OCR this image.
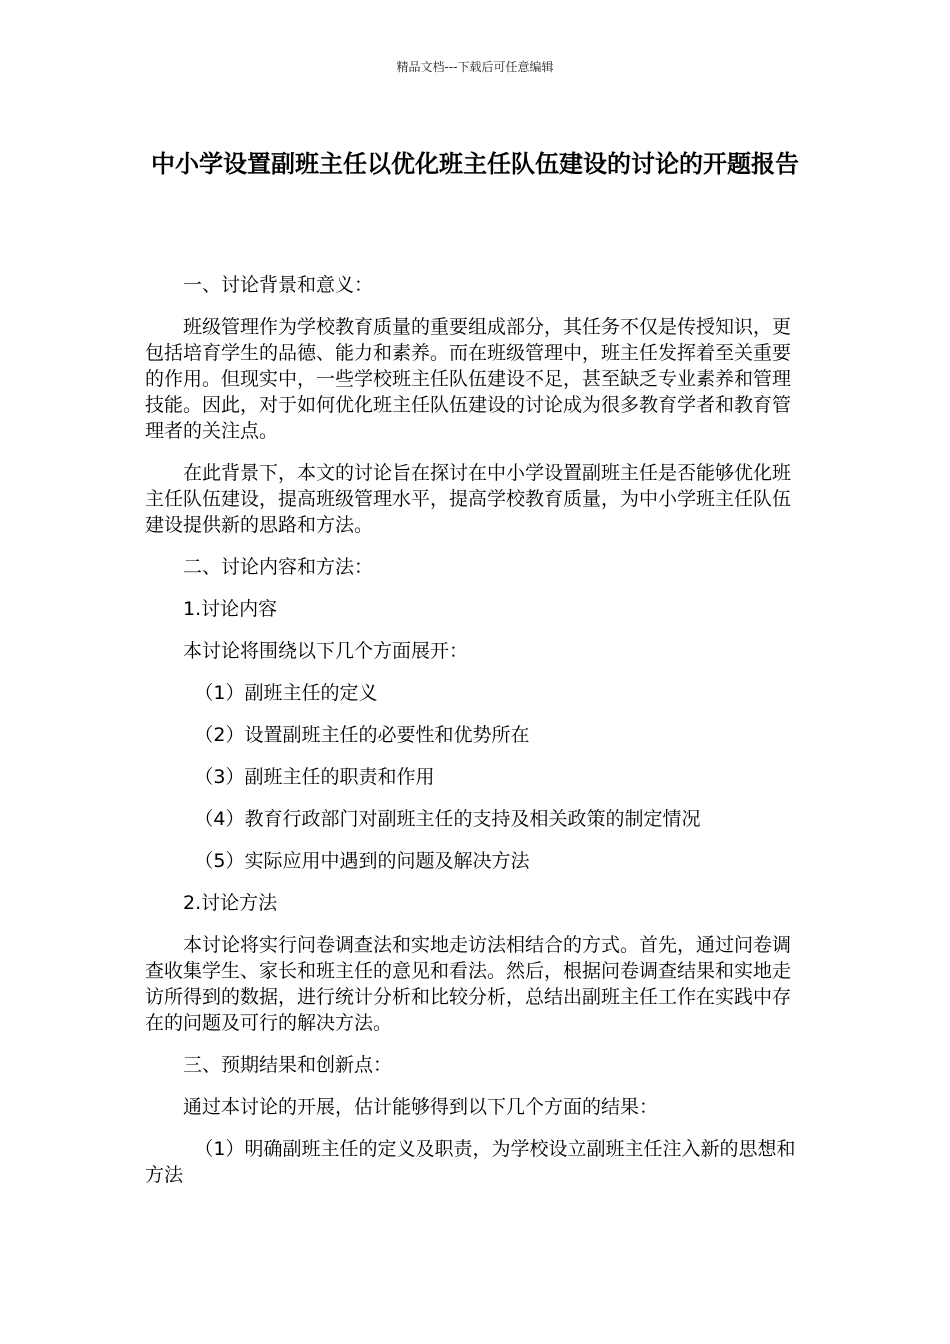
精品文档---下载后可任意编辑
中小学设置副班主任以优化班主任队伍建设的讨论的开题报告

一、讨论背景和意义：

班级管理作为学校教育质量的重要组成部分，其任务不仅是传授知识，更包括培育学生的品德、能力和素养。而在班级管理中，班主任发挥着至关重要的作用。但现实中，一些学校班主任队伍建设不足，甚至缺乏专业素养和管理技能。因此，对于如何优化班主任队伍建设的讨论成为很多教育学者和教育管理者的关注点。

在此背景下，本文的讨论旨在探讨在中小学设置副班主任是否能够优化班主任队伍建设，提高班级管理水平，提高学校教育质量，为中小学班主任队伍建设提供新的思路和方法。

二、讨论内容和方法：

1.讨论内容

本讨论将围绕以下几个方面展开：

（1）副班主任的定义

（2）设置副班主任的必要性和优势所在

（3）副班主任的职责和作用

（4）教育行政部门对副班主任的支持及相关政策的制定情况

（5）实际应用中遇到的问题及解决方法

2.讨论方法

本讨论将实行问卷调查法和实地走访法相结合的方式。首先，通过问卷调查收集学生、家长和班主任的意见和看法。然后，根据问卷调查结果和实地走访所得到的数据，进行统计分析和比较分析，总结出副班主任工作在实践中存在的问题及可行的解决方法。

三、预期结果和创新点：

通过本讨论的开展，估计能够得到以下几个方面的结果：

（1）明确副班主任的定义及职责，为学校设立副班主任注入新的思想和方法
